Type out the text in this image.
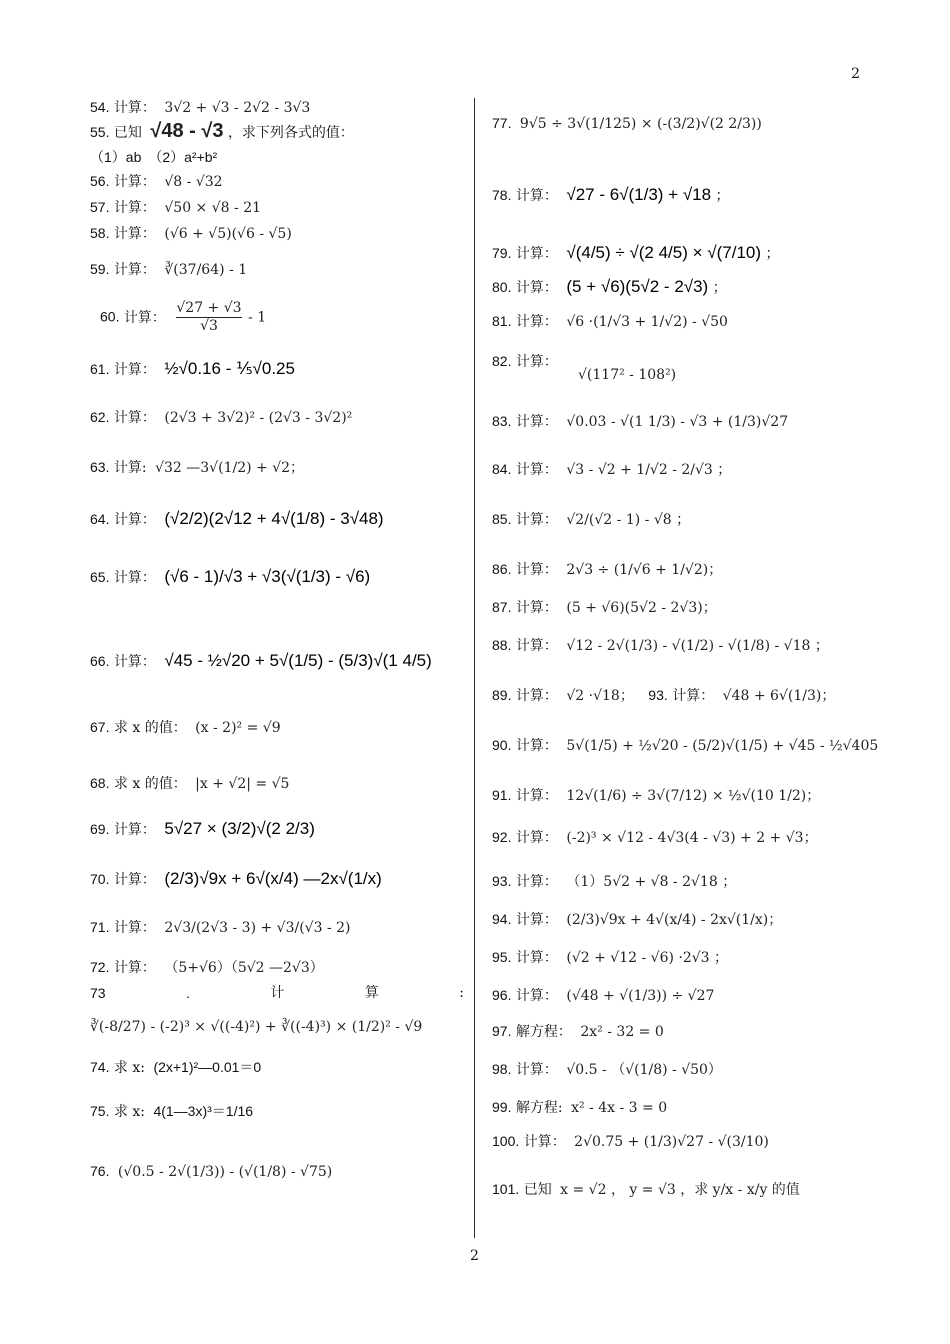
2
54. 计算： 3√2 + √3 - 2√2 - 3√3
55. 已知 √48 - √3 ，求下列各式的值：
（1）ab　（2）a²+b²
56. 计算： √8 - √32
57. 计算： √50 × √8 - 21
58. 计算： (√6 + √5)(√6 - √5)
59. 计算： ∛(37/64) - 1
60. 计算： $\frac{√27 + √3}{√3} - 1$
61. 计算： ½√0.16 - ⅕√0.25
62. 计算： (2√3 + 3√2)² - (2√3 - 3√2)²
63. 计算: √32 —3√(1/2) + √2；
64. 计算： (√2/2)(2√12 + 4√(1/8) - 3√48)
65. 计算： (√6 - 1)/√3 + √3(√(1/3) - √6)
66. 计算： √45 - ½√20 + 5√(1/5) - (5/3)√(1 4/5)
67. 求 x 的值： (x - 2)² = √9
68. 求 x 的值： |x + √2| = √5
69. 计算： 5√27 × (3/2)√(2 2/3)
70. 计算： (2/3)√9x + 6√(x/4) —2x√(1/x)
71. 计算： 2√3/(2√3 - 3) + √3/(√3 - 2)
72. 计算： （5+√6）（5√2 —2√3）
73	.	计	算	:
∛(-8/27) - (-2)³ × √((-4)²) + ∛((-4)³) × (1/2)² - √9
74. 求 x: (2x+1)²—0.01＝0
75. 求 x: 4(1—3x)³＝1/16
76. (√0.5 - 2√(1/3)) - (√(1/8) - √75)
77. 9√5 ÷ 3√(1/125) × (-(3/2)√(2 2/3))
78. 计算： √27 - 6√(1/3) + √18 ；
79. 计算： √(4/5) ÷ √(2 4/5) × √(7/10) ；
80. 计算： (5 + √6)(5√2 - 2√3) ；
81. 计算： √6 ·(1/√3 + 1/√2) - √50
82. 计算：
√(117² - 108²)
83. 计算： √0.03 - √(1 1/3) - √3 + (1/3)√27
84. 计算： √3 - √2 + 1/√2 - 2/√3 ；
85. 计算： √2/(√2 - 1) - √8 ；
86. 计算： 2√3 ÷ (1/√6 + 1/√2)；
87. 计算： (5 + √6)(5√2 - 2√3)；
88. 计算： √12 - 2√(1/3) - √(1/2) - √(1/8) - √18 ；
89. 计算： √2 ·√18； 93. 计算： √48 + 6√(1/3)；
90. 计算： 5√(1/5) + ½√20 - (5/2)√(1/5) + √45 - ½√405
91. 计算： 12√(1/6) ÷ 3√(7/12) × ½√(10 1/2)；
92. 计算： (-2)³ × √12 - 4√3(4 - √3) + 2 + √3；
93. 计算： （1）5√2 + √8 - 2√18 ；
94. 计算： (2/3)√9x + 4√(x/4) - 2x√(1/x)；
95. 计算： (√2 + √12 - √6) ·2√3 ；
96. 计算： (√48 + √(1/3)) ÷ √27
97. 解方程： 2x² - 32 = 0
98. 计算： √0.5 - （√(1/8) - √50）
99. 解方程: x² - 4x - 3 = 0
100. 计算： 2√0.75 + (1/3)√27 - √(3/10)
101. 已知 x = √2 ， y = √3 ，求 y/x - x/y 的值
2
